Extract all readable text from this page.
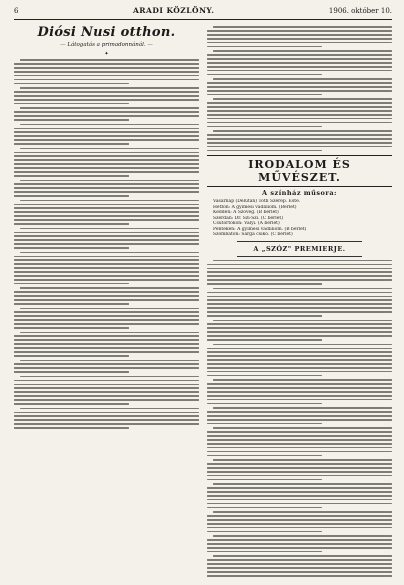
6	ARADI KÖZLÖNY.	1906. október 10.
Diósi Nusi otthon.
— Látogatás a primadonnánál. —
✦
IRODALOM ÉS MŰVÉSZET.
A színház műsora:
Vasárnap (Délután) Tóth Szerep. Este.
Hétfőn: A gyimesi vadliliom. (Bérlet)
Kedden: A Szöveg. (B bérlet)
Szerdán: Dr. Szi-Szi. (C bérlet)
Csütörtökön: Vályi. (A bérlet)
Pénteken: A gyimesi vadliliom. (B bérlet)
Szombaton: Sárga csikó. (C bérlet)
A „SZÓZ" PREMIERJE.
